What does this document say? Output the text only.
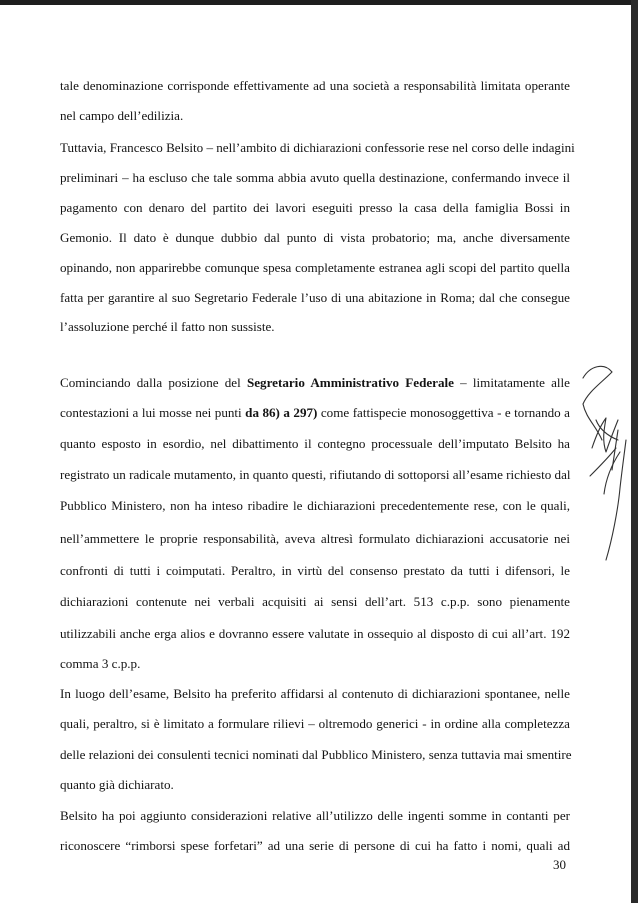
tale denominazione corrisponde effettivamente ad una società a responsabilità limitata operante
nel campo dell’edilizia.
Tuttavia, Francesco Belsito – nell’ambito di dichiarazioni confessorie rese nel corso delle indagini
preliminari – ha escluso che tale somma abbia avuto quella destinazione, confermando invece il
pagamento con denaro del partito dei lavori eseguiti presso la casa della famiglia Bossi in
Gemonio. Il dato è dunque dubbio dal punto di vista probatorio; ma, anche diversamente
opinando, non apparirebbe comunque spesa completamente estranea agli scopi del partito quella
fatta per garantire al suo Segretario Federale l’uso di una abitazione in Roma; dal che consegue
l’assoluzione perché il fatto non sussiste.
Cominciando dalla posizione del Segretario Amministrativo Federale – limitatamente alle
contestazioni a lui mosse nei punti da 86) a 297) come fattispecie monosoggettiva - e tornando a
quanto esposto in esordio, nel dibattimento il contegno processuale dell’imputato Belsito ha
registrato un radicale mutamento, in quanto questi, rifiutando di sottoporsi all’esame richiesto dal
Pubblico Ministero, non ha inteso ribadire le dichiarazioni precedentemente rese, con le quali,
nell’ammettere le proprie responsabilità, aveva altresì formulato dichiarazioni accusatorie nei
confronti di tutti i coimputati. Peraltro, in virtù del consenso prestato da tutti i difensori, le
dichiarazioni contenute nei verbali acquisiti ai sensi dell’art. 513 c.p.p. sono pienamente
utilizzabili anche erga alios e dovranno essere valutate in ossequio al disposto di cui all’art. 192
comma 3 c.p.p.
In luogo dell’esame, Belsito ha preferito affidarsi al contenuto di dichiarazioni spontanee, nelle
quali, peraltro, si è limitato a formulare rilievi – oltremodo generici - in ordine alla completezza
delle relazioni dei consulenti tecnici nominati dal Pubblico Ministero, senza tuttavia mai smentire
quanto già dichiarato.
Belsito ha poi aggiunto considerazioni relative all’utilizzo delle ingenti somme in contanti per
riconoscere “rimborsi spese forfetari” ad una serie di persone di cui ha fatto i nomi, quali ad
30
